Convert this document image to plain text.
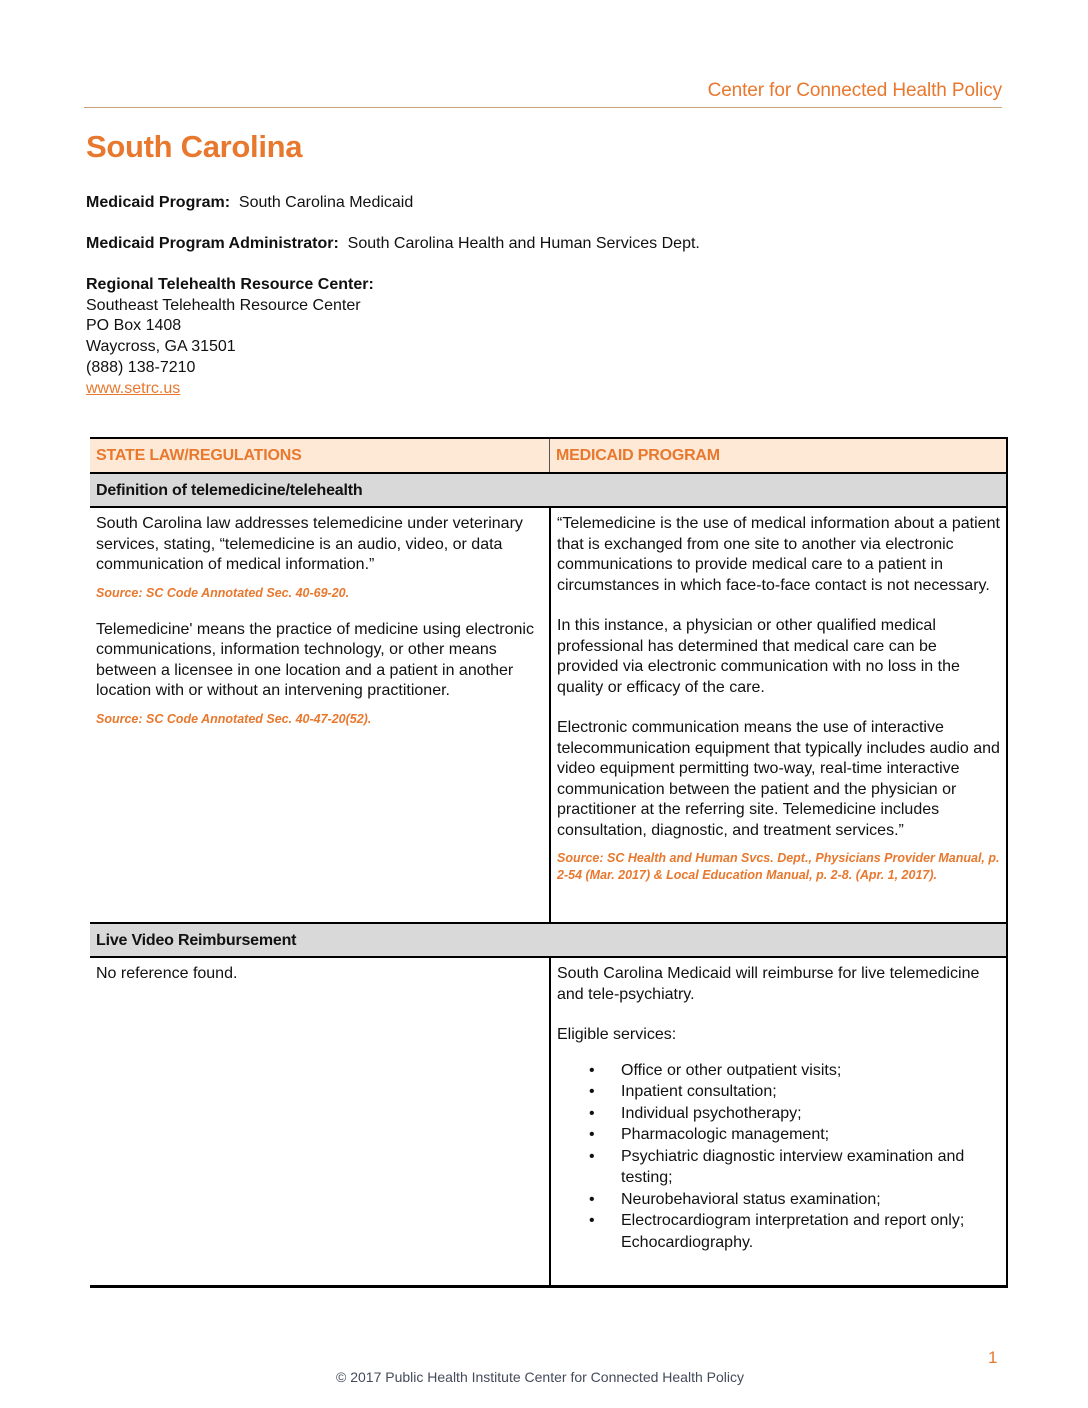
Center for Connected Health Policy
South Carolina
Medicaid Program: South Carolina Medicaid
Medicaid Program Administrator: South Carolina Health and Human Services Dept.
Regional Telehealth Resource Center:
Southeast Telehealth Resource Center
PO Box 1408
Waycross, GA 31501
(888) 138-7210
www.setrc.us
STATE LAW/REGULATIONS	MEDICAID PROGRAM
Definition of telemedicine/telehealth
South Carolina law addresses telemedicine under veterinary services, stating, “telemedicine is an audio, video, or data communication of medical information.”
Source: SC Code Annotated Sec. 40-69-20.
Telemedicine' means the practice of medicine using electronic communications, information technology, or other means between a licensee in one location and a patient in another location with or without an intervening practitioner.
Source: SC Code Annotated Sec. 40-47-20(52).
“Telemedicine is the use of medical information about a patient that is exchanged from one site to another via electronic communications to provide medical care to a patient in circumstances in which face-to-face contact is not necessary.
In this instance, a physician or other qualified medical professional has determined that medical care can be provided via electronic communication with no loss in the quality or efficacy of the care.
Electronic communication means the use of interactive telecommunication equipment that typically includes audio and video equipment permitting two-way, real-time interactive communication between the patient and the physician or practitioner at the referring site. Telemedicine includes consultation, diagnostic, and treatment services.”
Source: SC Health and Human Svcs. Dept., Physicians Provider Manual, p. 2-54 (Mar. 2017) & Local Education Manual, p. 2-8. (Apr. 1, 2017).
Live Video Reimbursement
No reference found.	South Carolina Medicaid will reimburse for live telemedicine and tele-psychiatry.
Eligible services:
• Office or other outpatient visits;
• Inpatient consultation;
• Individual psychotherapy;
• Pharmacologic management;
• Psychiatric diagnostic interview examination and testing;
• Neurobehavioral status examination;
• Electrocardiogram interpretation and report only; Echocardiography.
1
© 2017 Public Health Institute Center for Connected Health Policy
